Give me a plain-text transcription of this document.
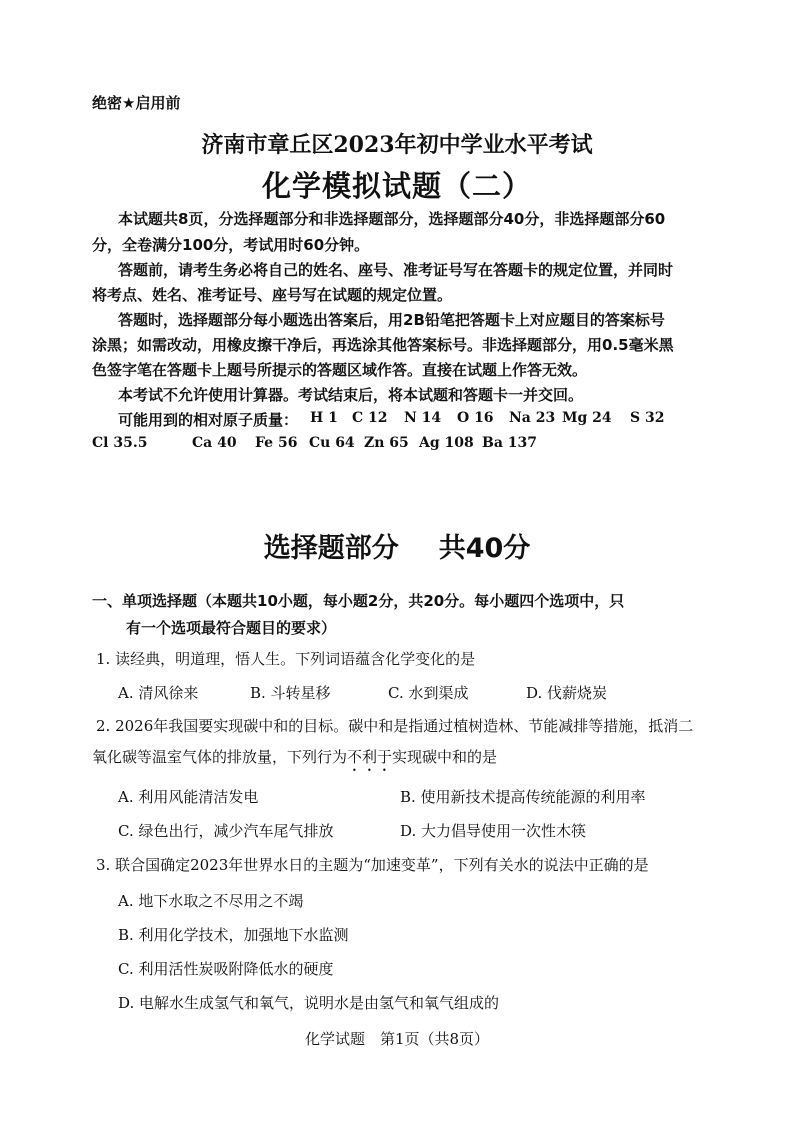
绝密★启用前
济南市章丘区2023年初中学业水平考试
化学模拟试题（二）
本试题共8页，分选择题部分和非选择题部分，选择题部分40分，非选择题部分60
分，全卷满分100分，考试用时60分钟。
答题前，请考生务必将自己的姓名、座号、准考证号写在答题卡的规定位置，并同时
将考点、姓名、准考证号、座号写在试题的规定位置。
答题时，选择题部分每小题选出答案后，用2B铅笔把答题卡上对应题目的答案标号
涂黑；如需改动，用橡皮擦干净后，再选涂其他答案标号。非选择题部分，用0.5毫米黑
色签字笔在答题卡上题号所提示的答题区域作答。直接在试题上作答无效。
本考试不允许使用计算器。考试结束后，将本试题和答题卡一并交回。
可能用到的相对原子质量： H 1 C 12 N 14 O 16 Na 23 Mg 24 S 32
Cl 35.5	Ca 40 Fe 56 Cu 64 Zn 65 Ag 108 Ba 137
选择题部分 共40分
一、单项选择题（本题共10小题，每小题2分，共20分。每小题四个选项中，只
有一个选项最符合题目的要求）
1. 读经典，明道理，悟人生。下列词语蕴含化学变化的是
A. 清风徐来	B. 斗转星移	C. 水到渠成	D. 伐薪烧炭
2. 2026年我国要实现碳中和的目标。碳中和是指通过植树造林、节能减排等措施，抵消二
氧化碳等温室气体的排放量，下列行为不利于实现碳中和的是
A. 利用风能清洁发电	B. 使用新技术提高传统能源的利用率
C. 绿色出行，减少汽车尾气排放	D. 大力倡导使用一次性木筷
3. 联合国确定2023年世界水日的主题为“加速变革”，下列有关水的说法中正确的是
A. 地下水取之不尽用之不竭
B. 利用化学技术，加强地下水监测
C. 利用活性炭吸附降低水的硬度
D. 电解水生成氢气和氧气，说明水是由氢气和氧气组成的
化学试题　第1页（共8页）
